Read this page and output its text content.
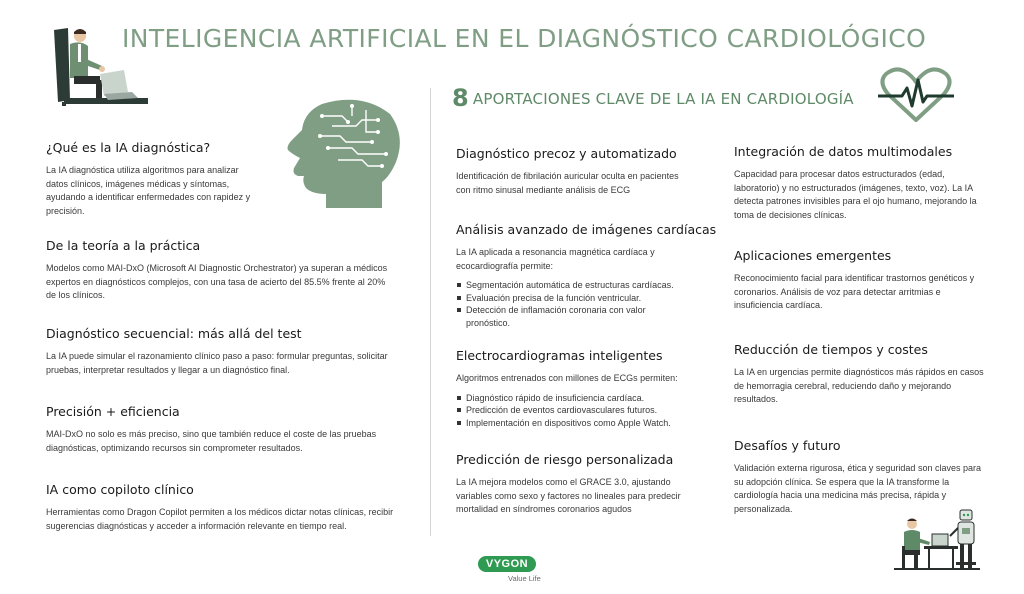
INTELIGENCIA ARTIFICIAL EN EL DIAGNÓSTICO CARDIOLÓGICO
8 APORTACIONES CLAVE DE LA IA EN CARDIOLOGÍA
¿Qué es la IA diagnóstica?

La IA diagnóstica utiliza algoritmos para analizar datos clínicos, imágenes médicas y síntomas, ayudando a identificar enfermedades con rapidez y precisión.

De la teoría a la práctica

Modelos como MAI-DxO (Microsoft AI Diagnostic Orchestrator) ya superan a médicos expertos en diagnósticos complejos, con una tasa de acierto del 85.5% frente al 20% de los clínicos.

Diagnóstico secuencial: más allá del test

La IA puede simular el razonamiento clínico paso a paso: formular preguntas, solicitar pruebas, interpretar resultados y llegar a un diagnóstico final.

Precisión + eficiencia

MAI-DxO no solo es más preciso, sino que también reduce el coste de las pruebas diagnósticas, optimizando recursos sin comprometer resultados.

IA como copiloto clínico

Herramientas como Dragon Copilot permiten a los médicos dictar notas clínicas, recibir sugerencias diagnósticas y acceder a información relevante en tiempo real.

Diagnóstico precoz y automatizado

Identificación de fibrilación auricular oculta en pacientes con ritmo sinusal mediante análisis de ECG

Análisis avanzado de imágenes cardíacas

La IA aplicada a resonancia magnética cardíaca y ecocardiografía permite:

Segmentación automática de estructuras cardíacas.
Evaluación precisa de la función ventricular.
Detección de inflamación coronaria con valor pronóstico.
Electrocardiogramas inteligentes

Algoritmos entrenados con millones de ECGs permiten:

Diagnóstico rápido de insuficiencia cardíaca.
Predicción de eventos cardiovasculares futuros.
Implementación en dispositivos como Apple Watch.
Predicción de riesgo personalizada

La IA mejora modelos como el GRACE 3.0, ajustando variables como sexo y factores no lineales para predecir mortalidad en síndromes coronarios agudos

Integración de datos multimodales

Capacidad para procesar datos estructurados (edad, laboratorio) y no estructurados (imágenes, texto, voz). La IA detecta patrones invisibles para el ojo humano, mejorando la toma de decisiones clínicas.

Aplicaciones emergentes

Reconocimiento facial para identificar trastornos genéticos y coronarios. Análisis de voz para detectar arritmias e insuficiencia cardíaca.

Reducción de tiempos y costes

La IA en urgencias permite diagnósticos más rápidos en casos de hemorragia cerebral, reduciendo daño y mejorando resultados.

Desafíos y futuro

Validación externa rigurosa, ética y seguridad son claves para su adopción clínica. Se espera que la IA transforme la cardiología hacia una medicina más precisa, rápida y personalizada.

VYGON
Value Life
